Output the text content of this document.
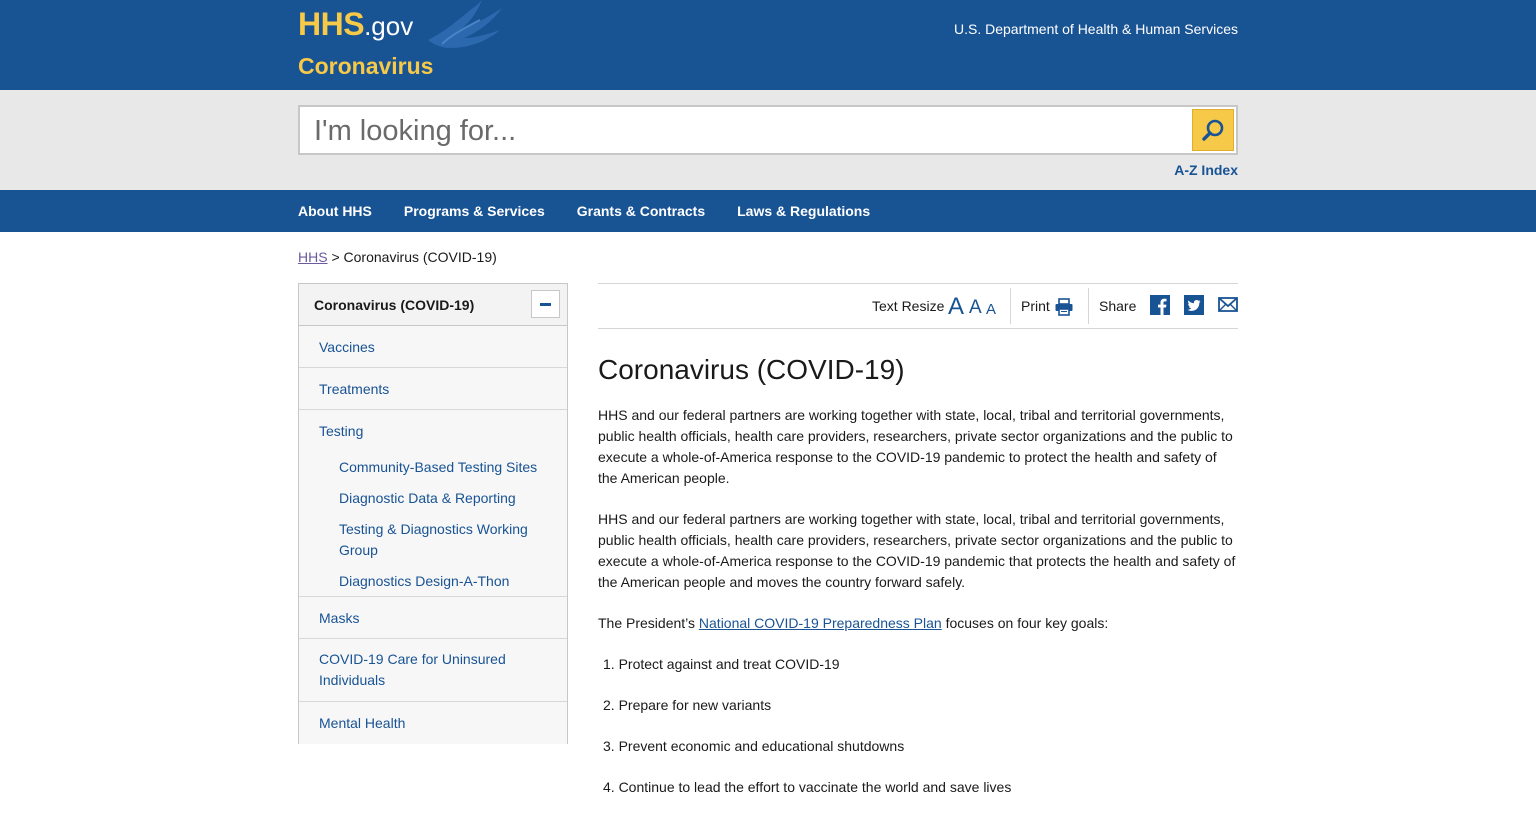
HHS .gov
Coronavirus
U.S. Department of Health & Human Services
I'm looking for...
A-Z Index
About HHS Programs & Services Grants & Contracts Laws & Regulations
HHS > Coronavirus (COVID-19)
Coronavirus (COVID-19)
Vaccines
Treatments
Testing
Community-Based Testing Sites
Diagnostic Data & Reporting
Testing & Diagnostics Working Group
Diagnostics Design-A-Thon
Masks
COVID-19 Care for Uninsured Individuals
Mental Health
Text Resize A A A Print	Share
Coronavirus (COVID-19)

HHS and our federal partners are working together with state, local, tribal and territorial governments, public health officials, health care providers, researchers, private sector organizations and the public to execute a whole-of-America response to the COVID-19 pandemic to protect the health and safety of the American people.

HHS and our federal partners are working together with state, local, tribal and territorial governments, public health officials, health care providers, researchers, private sector organizations and the public to execute a whole-of-America response to the COVID-19 pandemic that protects the health and safety of the American people and moves the country forward safely.

The President’s National COVID-19 Preparedness Plan focuses on four key goals:

1. Protect against and treat COVID-19
2. Prepare for new variants
3. Prevent economic and educational shutdowns
4. Continue to lead the effort to vaccinate the world and save lives
